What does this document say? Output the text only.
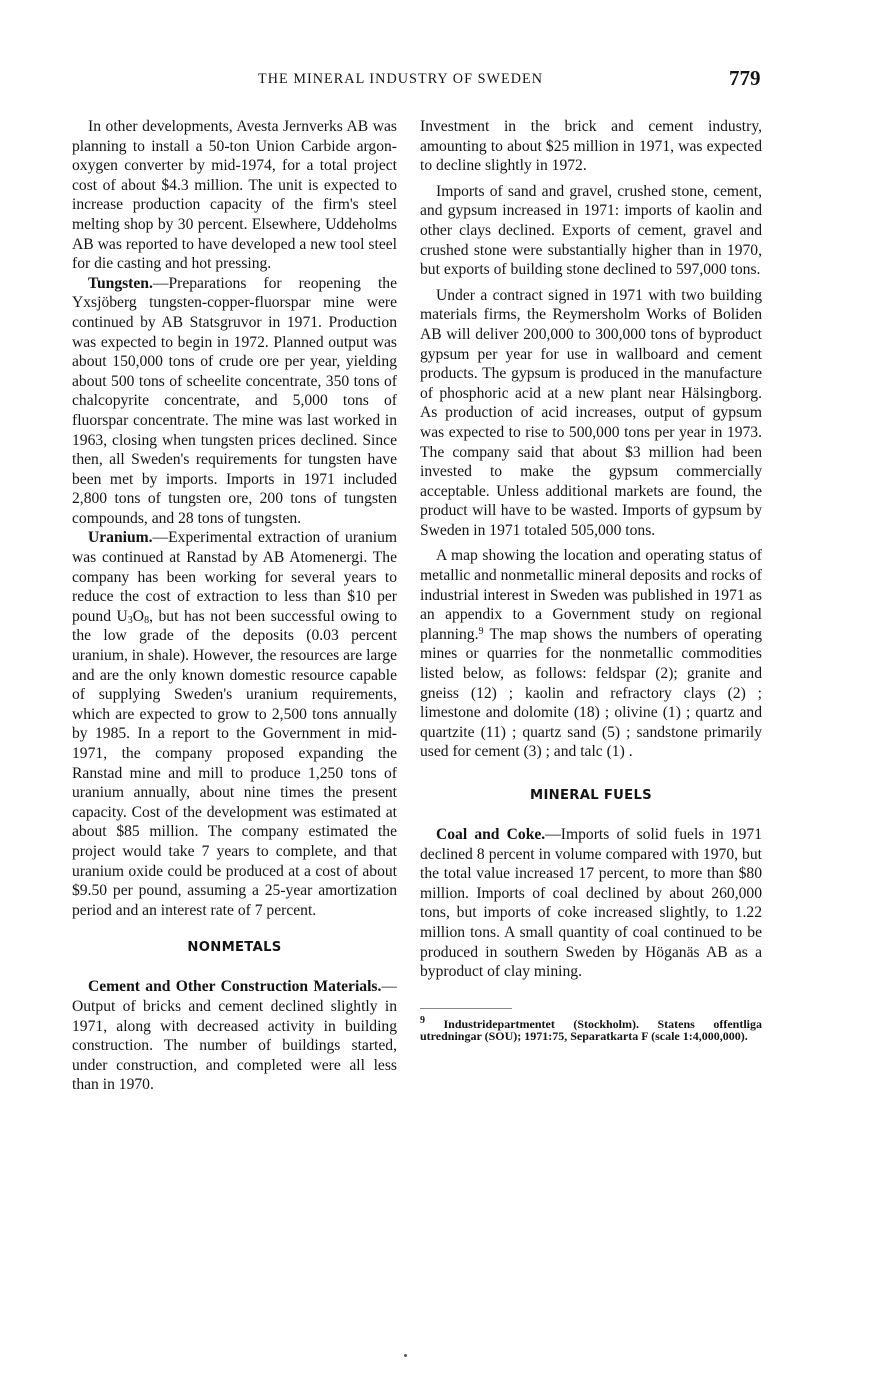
THE MINERAL INDUSTRY OF SWEDEN	779

In other developments, Avesta Jernverks AB was planning to install a 50-ton Union Carbide argon-oxygen converter by mid-1974, for a total project cost of about $4.3 million. The unit is expected to increase production capacity of the firm's steel melting shop by 30 percent. Elsewhere, Uddeholms AB was reported to have developed a new tool steel for die casting and hot pressing.

Tungsten.—Preparations for reopening the Yxsjöberg tungsten-copper-fluorspar mine were continued by AB Statsgruvor in 1971. Production was expected to begin in 1972. Planned output was about 150,000 tons of crude ore per year, yielding about 500 tons of scheelite concentrate, 350 tons of chalcopyrite concentrate, and 5,000 tons of fluorspar concentrate. The mine was last worked in 1963, closing when tungsten prices declined. Since then, all Sweden's requirements for tungsten have been met by imports. Imports in 1971 included 2,800 tons of tungsten ore, 200 tons of tungsten compounds, and 28 tons of tungsten.

Uranium.—Experimental extraction of uranium was continued at Ranstad by AB Atomenergi. The company has been working for several years to reduce the cost of extraction to less than $10 per pound $U_3O_8$, but has not been successful owing to the low grade of the deposits (0.03 percent uranium, in shale). However, the resources are large and are the only known domestic resource capable of supplying Sweden's uranium requirements, which are expected to grow to 2,500 tons annually by 1985. In a report to the Government in mid-1971, the company proposed expanding the Ranstad mine and mill to produce 1,250 tons of uranium annually, about nine times the present capacity. Cost of the development was estimated at about $85 million. The company estimated the project would take 7 years to complete, and that uranium oxide could be produced at a cost of about $9.50 per pound, assuming a 25-year amortization period and an interest rate of 7 percent.

NONMETALS

Cement and Other Construction Materials.—Output of bricks and cement declined slightly in 1971, along with decreased activity in building construction. The number of buildings started, under construction, and completed were all less than in 1970.

Investment in the brick and cement industry, amounting to about $25 million in 1971, was expected to decline slightly in 1972.

Imports of sand and gravel, crushed stone, cement, and gypsum increased in 1971: imports of kaolin and other clays declined. Exports of cement, gravel and crushed stone were substantially higher than in 1970, but exports of building stone declined to 597,000 tons.

Under a contract signed in 1971 with two building materials firms, the Reymersholm Works of Boliden AB will deliver 200,000 to 300,000 tons of byproduct gypsum per year for use in wallboard and cement products. The gypsum is produced in the manufacture of phosphoric acid at a new plant near Hälsingborg. As production of acid increases, output of gypsum was expected to rise to 500,000 tons per year in 1973. The company said that about $3 million had been invested to make the gypsum commercially acceptable. Unless additional markets are found, the product will have to be wasted. Imports of gypsum by Sweden in 1971 totaled 505,000 tons.

A map showing the location and operating status of metallic and nonmetallic mineral deposits and rocks of industrial interest in Sweden was published in 1971 as an appendix to a Government study on regional planning.$^9$ The map shows the numbers of operating mines or quarries for the nonmetallic commodities listed below, as follows: feldspar (2); granite and gneiss (12) ; kaolin and refractory clays (2) ; limestone and dolomite (18) ; olivine (1) ; quartz and quartzite (11) ; quartz sand (5) ; sandstone primarily used for cement (3) ; and talc (1) .

MINERAL FUELS

Coal and Coke.—Imports of solid fuels in 1971 declined 8 percent in volume compared with 1970, but the total value increased 17 percent, to more than $80 million. Imports of coal declined by about 260,000 tons, but imports of coke increased slightly, to 1.22 million tons. A small quantity of coal continued to be produced in southern Sweden by Höganäs AB as a byproduct of clay mining.

$^9$ Industridepartmentet (Stockholm). Statens offentliga utredningar (SOU); 1971:75, Separatkarta F (scale 1:4,000,000).
